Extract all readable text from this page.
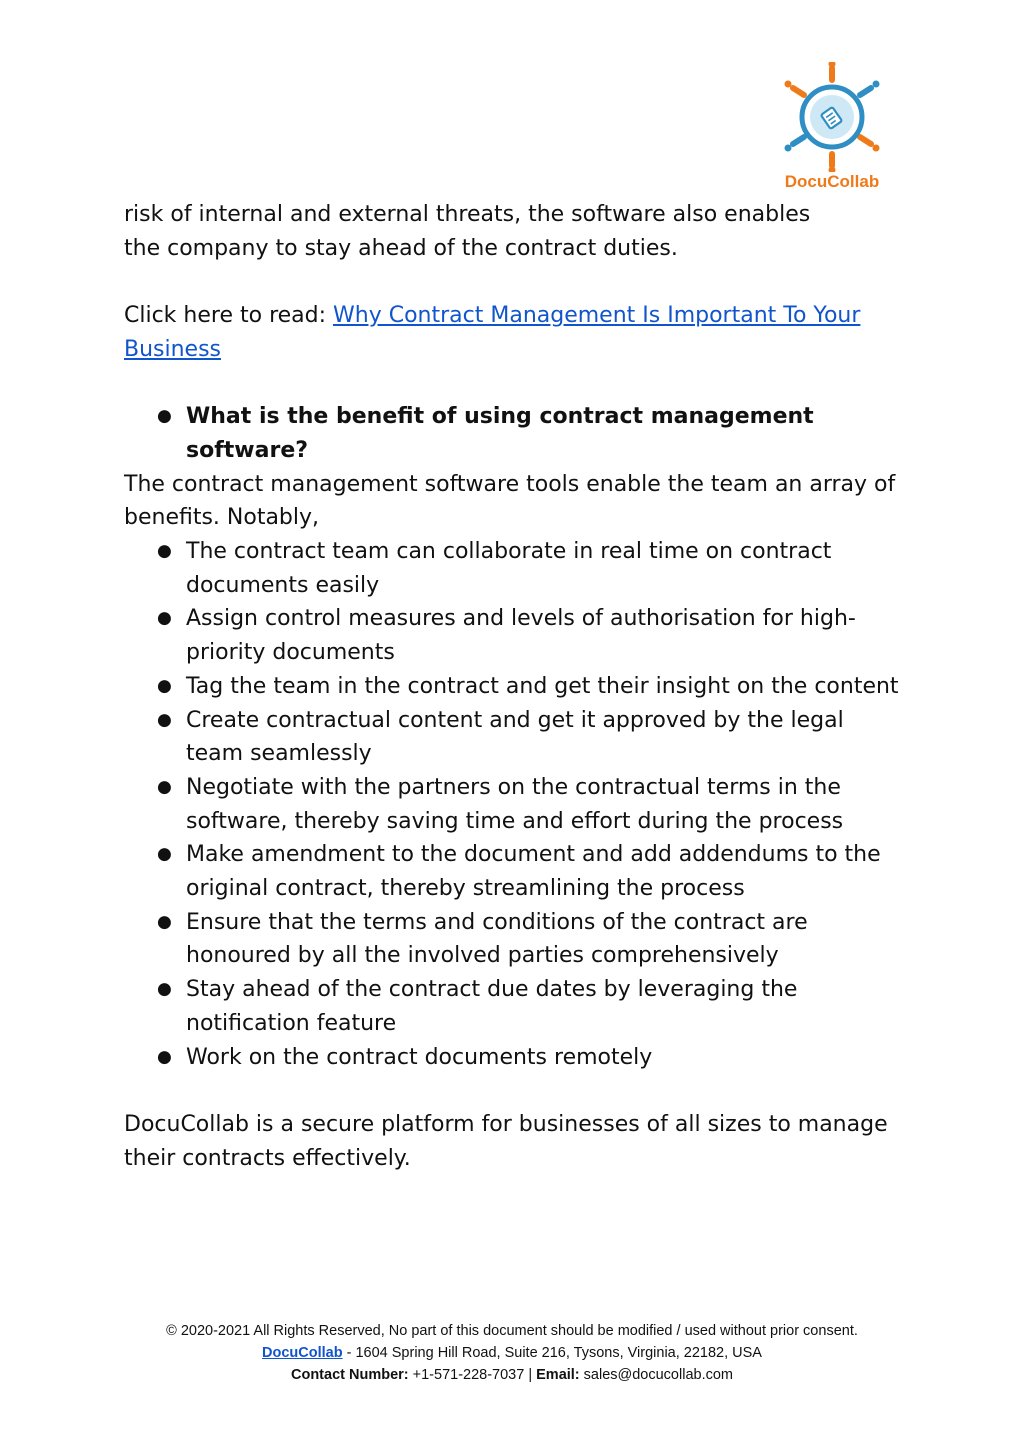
DocuCollab

risk of internal and external threats, the software also enables

the company to stay ahead of the contract duties.

Click here to read: Why Contract Management Is Important To Your Business

● What is the benefit of using contract management software?

The contract management software tools enable the team an array of benefits. Notably,

● The contract team can collaborate in real time on contract documents easily
● Assign control measures and levels of authorisation for high-priority documents
● Tag the team in the contract and get their insight on the content
● Create contractual content and get it approved by the legal team seamlessly
● Negotiate with the partners on the contractual terms in the software, thereby saving time and effort during the process
● Make amendment to the document and add addendums to the original contract, thereby streamlining the process
● Ensure that the terms and conditions of the contract are honoured by all the involved parties comprehensively
● Stay ahead of the contract due dates by leveraging the notification feature
● Work on the contract documents remotely

DocuCollab is a secure platform for businesses of all sizes to manage their contracts effectively.

© 2020-2021 All Rights Reserved, No part of this document should be modified / used without prior consent.
DocuCollab - 1604 Spring Hill Road, Suite 216, Tysons, Virginia, 22182, USA
Contact Number: +1-571-228-7037 | Email: sales@docucollab.com
